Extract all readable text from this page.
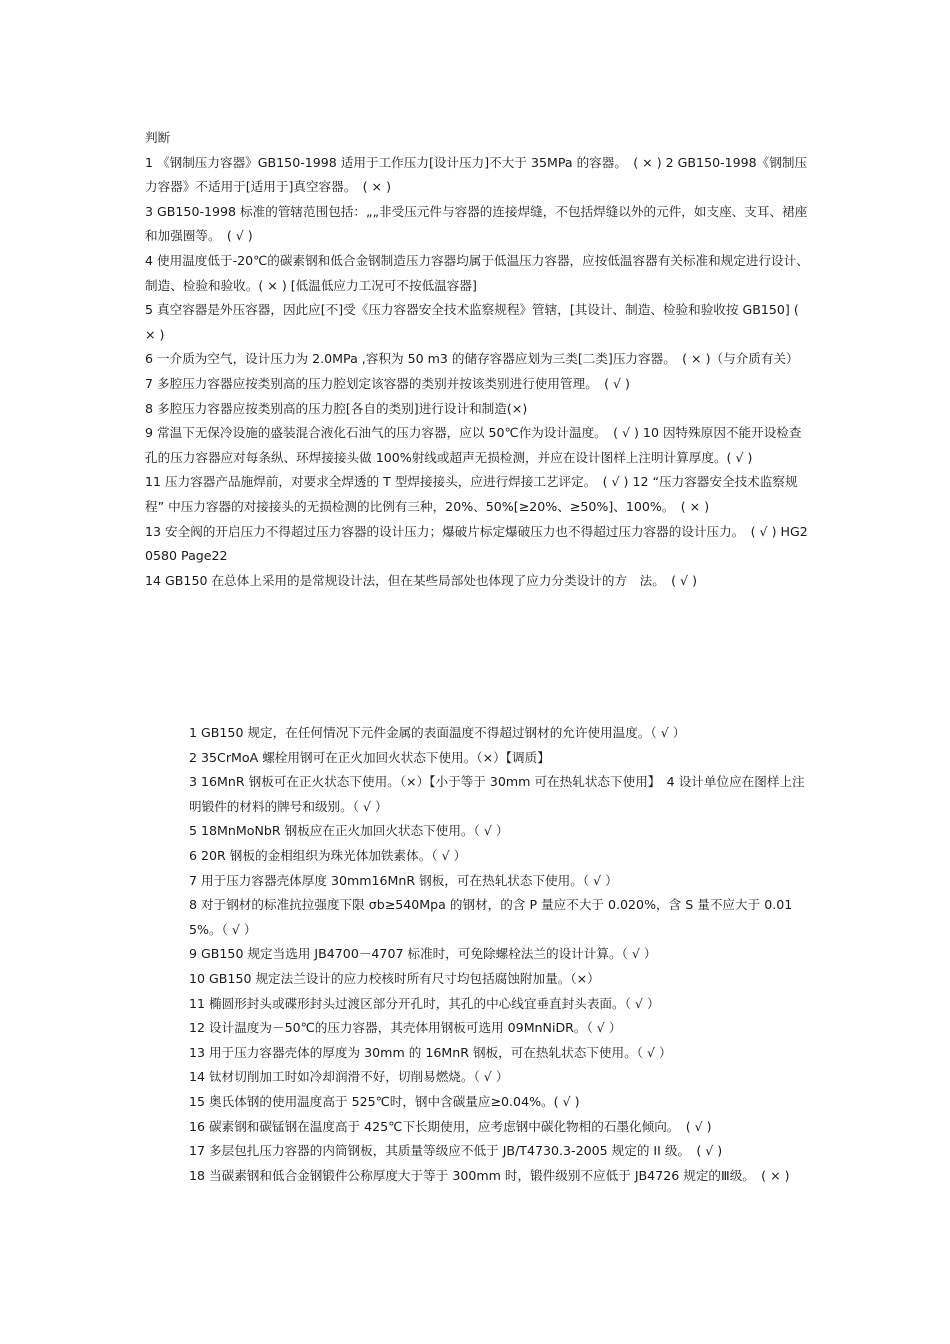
判断

1 《钢制压力容器》GB150-1998 适用于工作压力[设计压力]不大于 35MPa 的容器。　( × ) 2 GB150-1998《钢制压力容器》不适用于[适用于]真空容器。　( × )

3 GB150-1998 标准的管辖范围包括：„„非受压元件与容器的连接焊缝，不包括焊缝以外的元件，如支座、支耳、裙座和加强圈等。　( √ )

4 使用温度低于-20℃的碳素钢和低合金钢制造压力容器均属于低温压力容器，应按低温容器有关标准和规定进行设计、制造、检验和验收。( × ) [低温低应力工况可不按低温容器]

5 真空容器是外压容器，因此应[不]受《压力容器安全技术监察规程》管辖，[其设计、制造、检验和验收按 GB150] ( × )

6 一介质为空气，设计压力为 2.0MPa ,容积为 50 m3 的储存容器应划为三类[二类]压力容器。　( × )（与介质有关）

7 多腔压力容器应按类别高的压力腔划定该容器的类别并按该类别进行使用管理。　( √ )

8 多腔压力容器应按类别高的压力腔[各自的类别]进行设计和制造(×)

9 常温下无保冷设施的盛装混合液化石油气的压力容器，应以 50℃作为设计温度。　( √ ) 10 因特殊原因不能开设检查孔的压力容器应对每条纵、环焊接接头做 100%射线或超声无损检测，并应在设计图样上注明计算厚度。( √ )

11 压力容器产品施焊前，对要求全焊透的 T 型焊接接头，应进行焊接工艺评定。　( √ ) 12 “压力容器安全技术监察规程” 中压力容器的对接接头的无损检测的比例有三种，20%、50%[≥20%、≥50%]、100%。　( × )

13 安全阀的开启压力不得超过压力容器的设计压力；爆破片标定爆破压力也不得超过压力容器的设计压力。　( √ ) HG20580 Page22

14 GB150 在总体上采用的是常规设计法，但在某些局部处也体现了应力分类设计的方　法。　( √ )

1 GB150 规定，在任何情况下元件金属的表面温度不得超过钢材的允许使用温度。（ √ ）

2 35CrMoA 螺栓用钢可在正火加回火状态下使用。（×）【调质】

3 16MnR 钢板可在正火状态下使用。（×）【小于等于 30mm 可在热轧状态下使用】　4 设计单位应在图样上注明锻件的材料的牌号和级别。（ √ ）

5 18MnMoNbR 钢板应在正火加回火状态下使用。（ √ ）

6 20R 钢板的金相组织为珠光体加铁素体。（ √ ）

7 用于压力容器壳体厚度 30mm16MnR 钢板，可在热轧状态下使用。（ √ ）

8 对于钢材的标准抗拉强度下限 σb≥540Mpa 的钢材，的含 P 量应不大于 0.020%，含 S 量不应大于 0.015%。（ √ ）

9 GB150 规定当选用 JB4700－4707 标准时，可免除螺栓法兰的设计计算。（ √ ）

10 GB150 规定法兰设计的应力校核时所有尺寸均包括腐蚀附加量。（×）

11 椭圆形封头或碟形封头过渡区部分开孔时，其孔的中心线宜垂直封头表面。（ √ ）

12 设计温度为－50℃的压力容器，其壳体用钢板可选用 09MnNiDR。（ √ ）

13 用于压力容器壳体的厚度为 30mm 的 16MnR 钢板，可在热轧状态下使用。（ √ ）

14 钛材切削加工时如冷却润滑不好，切削易燃烧。（ √ ）

15 奥氏体钢的使用温度高于 525℃时，钢中含碳量应≥0.04%。( √ )

16 碳素钢和碳锰钢在温度高于 425℃下长期使用，应考虑钢中碳化物相的石墨化倾向。　( √ )

17 多层包扎压力容器的内筒钢板，其质量等级应不低于 JB/T4730.3-2005 规定的 II 级。　( √ )

18 当碳素钢和低合金钢锻件公称厚度大于等于 300mm 时，锻件级别不应低于 JB4726 规定的Ⅲ级。　( × )
